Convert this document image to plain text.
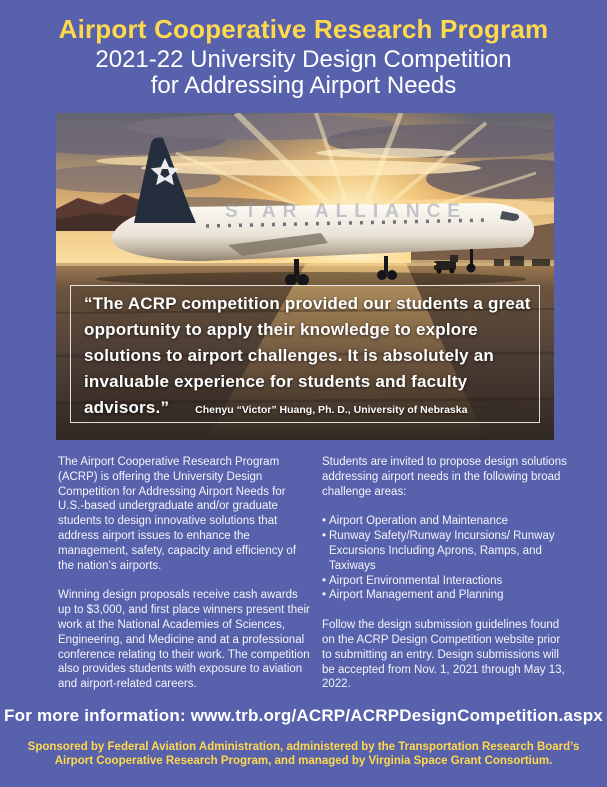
Airport Cooperative Research Program
2021-22 University Design Competition
for Addressing Airport Needs
STAR ALLIANCE

“The ACRP competition provided our students a great opportunity to apply their knowledge to explore solutions to airport challenges. It is absolutely an invaluable experience for students and faculty advisors.” Chenyu “Victor” Huang, Ph. D., University of Nebraska

The Airport Cooperative Research Program (ACRP) is offering the University Design Competition for Addressing Airport Needs for U.S.-based undergraduate and/or graduate students to design innovative solutions that address airport issues to enhance the management, safety, capacity and efficiency of the nation’s airports.

Winning design proposals receive cash awards up to $3,000, and first place winners present their work at the National Academies of Sciences, Engineering, and Medicine and at a professional conference relating to their work. The competition also provides students with exposure to aviation and airport-related careers.

Students are invited to propose design solutions addressing airport needs in the following broad challenge areas:

• Airport Operation and Maintenance
• Runway Safety/Runway Incursions/ Runway Excursions Including Aprons, Ramps, and Taxiways
• Airport Environmental Interactions
• Airport Management and Planning

Follow the design submission guidelines found on the ACRP Design Competition website prior to submitting an entry. Design submissions will be accepted from Nov. 1, 2021 through May 13, 2022.

For more information: www.trb.org/ACRP/ACRPDesignCompetition.aspx
Sponsored by Federal Aviation Administration, administered by the Transportation Research Board’s Airport Cooperative Research Program, and managed by Virginia Space Grant Consortium.
